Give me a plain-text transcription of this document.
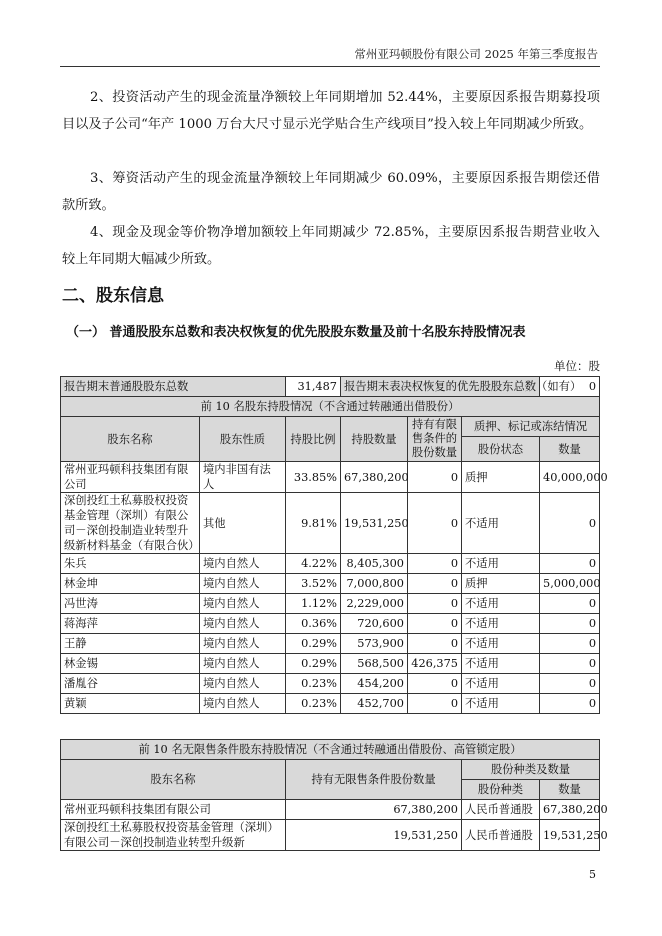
常州亚玛顿股份有限公司 2025 年第三季度报告

2、投资活动产生的现金流量净额较上年同期增加 52.44%，主要原因系报告期募投项目以及子公司“年产 1000 万台大尺寸显示光学贴合生产线项目”投入较上年同期减少所致。

3、筹资活动产生的现金流量净额较上年同期减少 60.09%，主要原因系报告期偿还借款所致。

4、现金及现金等价物净增加额较上年同期减少 72.85%，主要原因系报告期营业收入较上年同期大幅减少所致。

二、股东信息
（一） 普通股股东总数和表决权恢复的优先股股东数量及前十名股东持股情况表
单位：股
报告期末普通股股东总数		31,487	报告期末表决权恢复的优先股股东总数（如有）			0
前 10 名股东持股情况（不含通过转融通出借股份）						
股东名称	股东性质	持股比例	持股数量	持有有限售条件的股份数量	质押、标记或冻结情况	
					股份状态	数量
常州亚玛顿科技集团有限公司	境内非国有法人	33.85%	67,380,200	0	质押	40,000,000
深创投红土私募股权投资基金管理（深圳）有限公司－深创投制造业转型升级新材料基金（有限合伙）	其他	9.81%	19,531,250	0	不适用	0
朱兵	境内自然人	4.22%	8,405,300	0	不适用	0
林金坤	境内自然人	3.52%	7,000,800	0	质押	5,000,000
冯世涛	境内自然人	1.12%	2,229,000	0	不适用	0
蒋海萍	境内自然人	0.36%	720,600	0	不适用	0
王静	境内自然人	0.29%	573,900	0	不适用	0
林金锡	境内自然人	0.29%	568,500	426,375	不适用	0
潘胤谷	境内自然人	0.23%	454,200	0	不适用	0
黄颖	境内自然人	0.23%	452,700	0	不适用	0
前 10 名无限售条件股东持股情况（不含通过转融通出借股份、高管锁定股）			
股东名称	持有无限售条件股份数量	股份种类及数量	
		股份种类	数量
常州亚玛顿科技集团有限公司	67,380,200	人民币普通股	67,380,200
深创投红土私募股权投资基金管理（深圳）有限公司－深创投制造业转型升级新	19,531,250	人民币普通股	19,531,250
5
